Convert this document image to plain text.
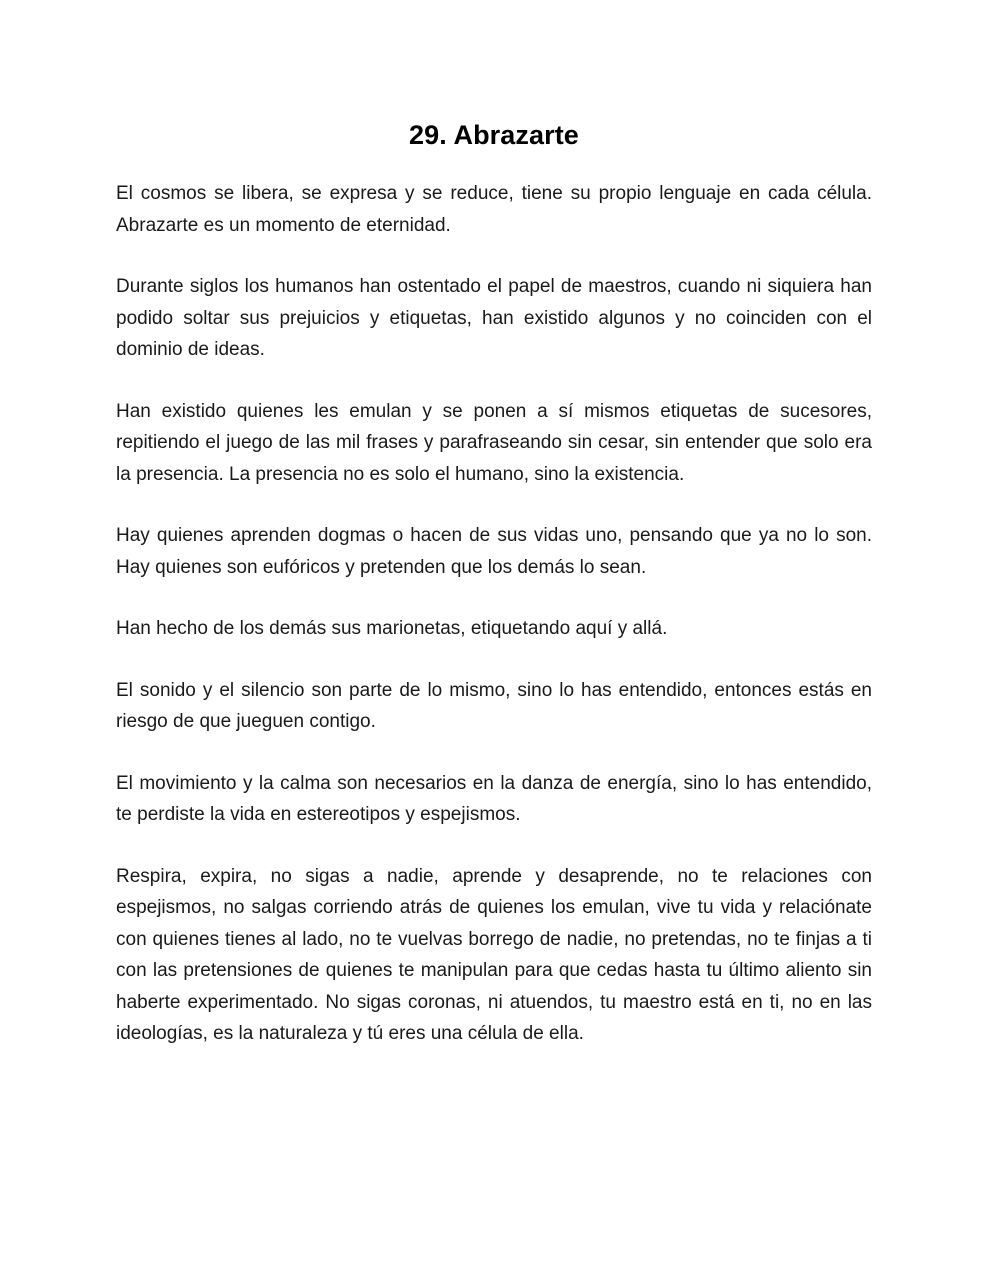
29. Abrazarte

El cosmos se libera, se expresa y se reduce, tiene su propio lenguaje en cada célula. Abrazarte es un momento de eternidad.

Durante siglos los humanos han ostentado el papel de maestros, cuando ni siquiera han podido soltar sus prejuicios y etiquetas, han existido algunos y no coinciden con el dominio de ideas.

Han existido quienes les emulan y se ponen a sí mismos etiquetas de sucesores, repitiendo el juego de las mil frases y parafraseando sin cesar, sin entender que solo era la presencia. La presencia no es solo el humano, sino la existencia.

Hay quienes aprenden dogmas o hacen de sus vidas uno, pensando que ya no lo son. Hay quienes son eufóricos y pretenden que los demás lo sean.

Han hecho de los demás sus marionetas, etiquetando aquí y allá.

El sonido y el silencio son parte de lo mismo, sino lo has entendido, entonces estás en riesgo de que jueguen contigo.

El movimiento y la calma son necesarios en la danza de energía, sino lo has entendido, te perdiste la vida en estereotipos y espejismos.

Respira, expira, no sigas a nadie, aprende y desaprende, no te relaciones con espejismos, no salgas corriendo atrás de quienes los emulan, vive tu vida y relaciónate con quienes tienes al lado, no te vuelvas borrego de nadie, no pretendas, no te finjas a ti con las pretensiones de quienes te manipulan para que cedas hasta tu último aliento sin haberte experimentado. No sigas coronas, ni atuendos, tu maestro está en ti, no en las ideologías, es la naturaleza y tú eres una célula de ella.
